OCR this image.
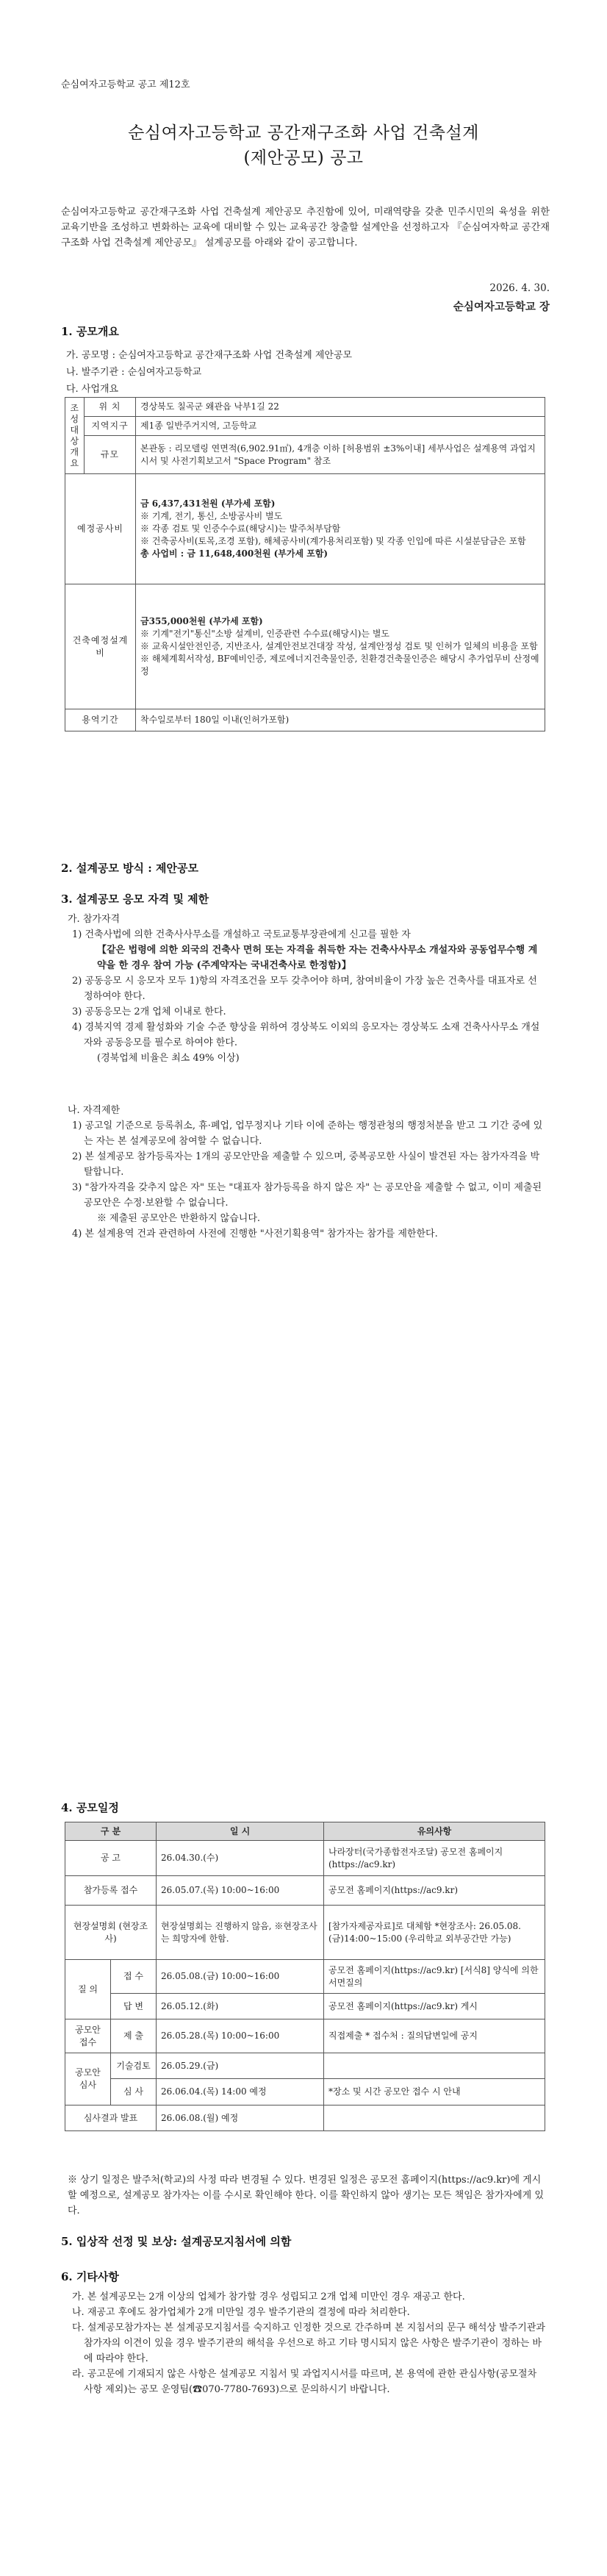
순심여자고등학교 공고 제12호
순심여자고등학교 공간재구조화 사업 건축설계
(제안공모) 공고
순심여자고등학교 공간재구조화 사업 건축설계 제안공모 추진함에 있어, 미래역량을 갖춘 민주시민의 육성을 위한 교육기반을 조성하고 변화하는 교육에 대비할 수 있는 교육공간 창출할 설계안을 선정하고자 『순심여자학교 공간재구조화 사업 건축설계 제안공모』 설계공모를 아래와 같이 공고합니다.
2026. 4. 30.
순심여자고등학교 장
1. 공모개요
가. 공모명 : 순심여자고등학교 공간재구조화 사업 건축설계 제안공모
나. 발주기관 : 순심여자고등학교
다. 사업개요
조성대상개요	위 치	경상북도 칠곡군 왜관읍 낙부1길 22
	지역지구	제1종 일반주거지역, 고등학교
	규모	본관동 : 리모델링 연면적(6,902.91㎡), 4개층 이하 [허용범위 ±3%이내] 세부사업은 설계용역 과업지시서 및 사전기획보고서 "Space Program" 참조
예정공사비		금 6,437,431천원 (부가세 포함)
※ 기계, 전기, 통신, 소방공사비 별도
※ 각종 검토 및 인증수수료(해당시)는 발주처부담함
※ 건축공사비(토목,조경 포함), 해체공사비(계가용처리포함) 및 각종 인입에 따른 시설분담금은 포함
총 사업비 : 금 11,648,400천원 (부가세 포함)

건축예정설계비		금355,000천원 (부가세 포함)
※ 기계"전기"통신"소방 설계비, 인증관련 수수료(해당시)는 별도
※ 교육시설안전인증, 지반조사, 설계안전보건대장 작성, 설계안정성 검토 및 인허가 일체의 비용을 포함
※ 해체계획서작성, BF예비인증, 제로에너지건축물인증, 친환경건축물인증은 해당시 추가업무비 산정예정

용역기간		착수일로부터 180일 이내(인허가포함)
2. 설계공모 방식 : 제안공모
3. 설계공모 응모 자격 및 제한

가. 참가자격

1) 건축사법에 의한 건축사사무소를 개설하고 국토교통부장관에게 신고를 필한 자

【같은 법령에 의한 외국의 건축사 면허 또는 자격을 취득한 자는 건축사사무소 개설자와 공동업무수행 계약을 한 경우 참여 가능 (주계약자는 국내건축사로 한정함)】

2) 공동응모 시 응모자 모두 1)항의 자격조건을 모두 갖추어야 하며, 참여비율이 가장 높은 건축사를 대표자로 선정하여야 한다.

3) 공동응모는 2개 업체 이내로 한다.

4) 경북지역 경제 활성화와 기술 수준 향상을 위하여 경상북도 이외의 응모자는 경상북도 소재 건축사사무소 개설자와 공동응모를 필수로 하여야 한다.

(경북업체 비율은 최소 49% 이상)

나. 자격제한

1) 공고일 기준으로 등록취소, 휴·폐업, 업무정지나 기타 이에 준하는 행정관청의 행정처분을 받고 그 기간 중에 있는 자는 본 설계공모에 참여할 수 없습니다.

2) 본 설계공모 참가등록자는 1개의 공모안만을 제출할 수 있으며, 중복공모한 사실이 발견된 자는 참가자격을 박탈합니다.

3) "참가자격을 갖추지 않은 자" 또는 "대표자 참가등록을 하지 않은 자" 는 공모안을 제출할 수 없고, 이미 제출된 공모안은 수정·보완할 수 없습니다.

※ 제출된 공모안은 반환하지 않습니다.

4) 본 설계용역 건과 관련하여 사전에 진행한 "사전기획용역" 참가자는 참가를 제한한다.

4. 공모일정
구 분		일 시	유의사항
공 고		26.04.30.(수)	나라장터(국가종합전자조달) 공모전 홈페이지(https://ac9.kr)
참가등록 접수		26.05.07.(목) 10:00~16:00	공모전 홈페이지(https://ac9.kr)
현장설명회 (현장조사)		현장설명회는 진행하지 않음, ※현장조사는 희망자에 한함.	[참가자제공자료]로 대체함 *현장조사: 26.05.08.(금)14:00~15:00 (우리학교 외부공간만 가능)
질 의	접 수	26.05.08.(금) 10:00~16:00	공모전 홈페이지(https://ac9.kr) [서식8] 양식에 의한 서면질의
	답 변	26.05.12.(화)	공모전 홈페이지(https://ac9.kr) 게시
공모안 접수	제 출	26.05.28.(목) 10:00~16:00	직접제출 * 접수처 : 질의답변일에 공지
공모안 심사	기술검토	26.05.29.(금)	
	심 사	26.06.04.(목) 14:00 예정	*장소 및 시간 공모안 접수 시 안내
심사결과 발표		26.06.08.(월) 예정	
※ 상기 일정은 발주처(학교)의 사정 따라 변경될 수 있다. 변경된 일정은 공모전 홈페이지(https://ac9.kr)에 게시할 예정으로, 설계공모 참가자는 이를 수시로 확인해야 한다. 이를 확인하지 않아 생기는 모든 책임은 참가자에게 있다.
5. 입상작 선정 및 보상: 설계공모지침서에 의함
6. 기타사항

가. 본 설계공모는 2개 이상의 업체가 참가할 경우 성립되고 2개 업체 미만인 경우 재공고 한다.

나. 재공고 후에도 참가업체가 2개 미만일 경우 발주기관의 결정에 따라 처리한다.

다. 설계공모참가자는 본 설계공모지침서를 숙지하고 인정한 것으로 간주하며 본 지침서의 문구 해석상 발주기관과 참가자의 이견이 있을 경우 발주기관의 해석을 우선으로 하고 기타 명시되지 않은 사항은 발주기관이 정하는 바에 따라야 한다.

라. 공고문에 기재되지 않은 사항은 설계공모 지침서 및 과업지시서를 따르며, 본 용역에 관한 관심사항(공모절차사항 제외)는 공모 운영팀(☎070-7780-7693)으로 문의하시기 바랍니다.
